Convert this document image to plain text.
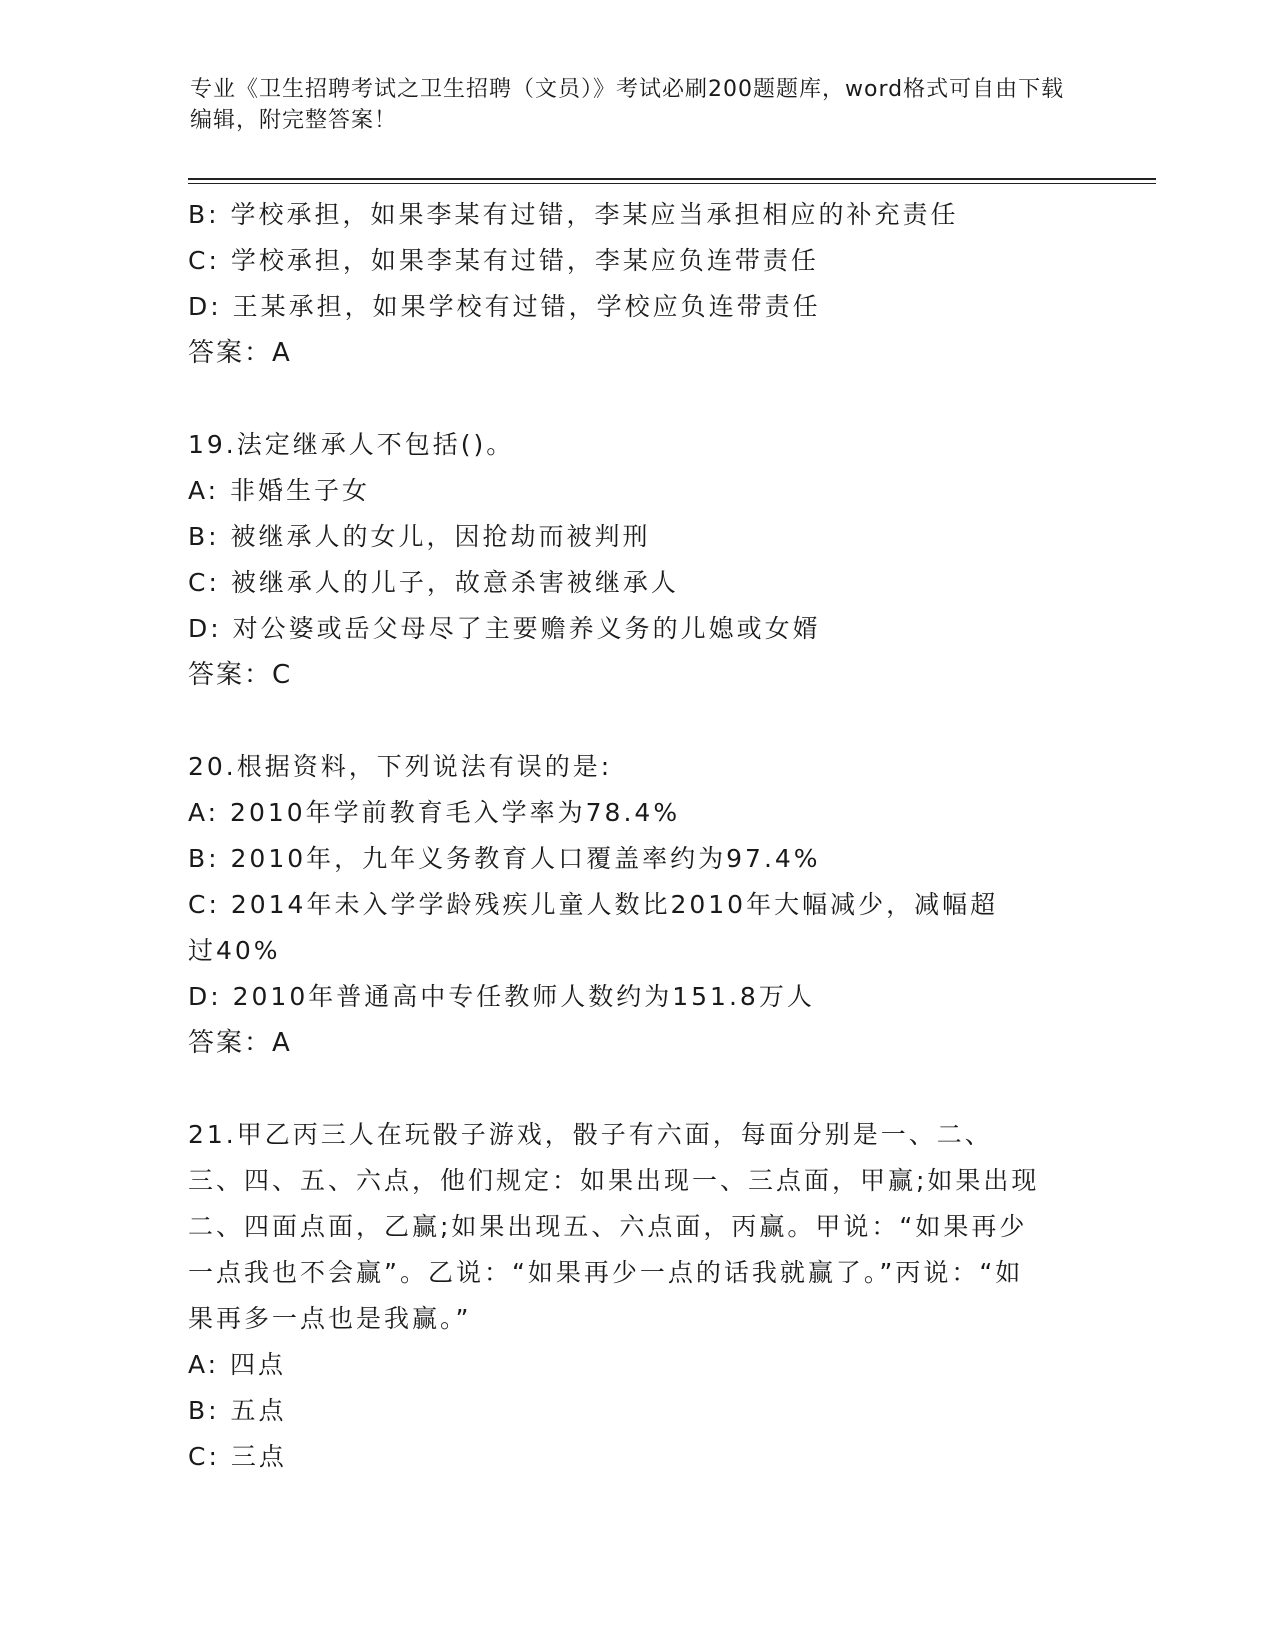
专业《卫生招聘考试之卫生招聘（文员）》考试必刷200题题库，word格式可自由下载编辑，附完整答案！
B: 学校承担，如果李某有过错，李某应当承担相应的补充责任
C: 学校承担，如果李某有过错，李某应负连带责任
D: 王某承担，如果学校有过错，学校应负连带责任
答案：A
19.法定继承人不包括()。
A: 非婚生子女
B: 被继承人的女儿，因抢劫而被判刑
C: 被继承人的儿子，故意杀害被继承人
D: 对公婆或岳父母尽了主要赡养义务的儿媳或女婿
答案：C
20.根据资料，下列说法有误的是:
A: 2010年学前教育毛入学率为78.4%
B: 2010年，九年义务教育人口覆盖率约为97.4%
C: 2014年未入学学龄残疾儿童人数比2010年大幅减少，减幅超过40%
D: 2010年普通高中专任教师人数约为151.8万人
答案：A
21.甲乙丙三人在玩骰子游戏，骰子有六面，每面分别是一、二、三、四、五、六点，他们规定：如果出现一、三点面，甲赢;如果出现二、四面点面，乙赢;如果出现五、六点面，丙赢。甲说：“如果再少一点我也不会赢”。乙说：“如果再少一点的话我就赢了。”丙说：“如果再多一点也是我赢。”
A: 四点
B: 五点
C: 三点
